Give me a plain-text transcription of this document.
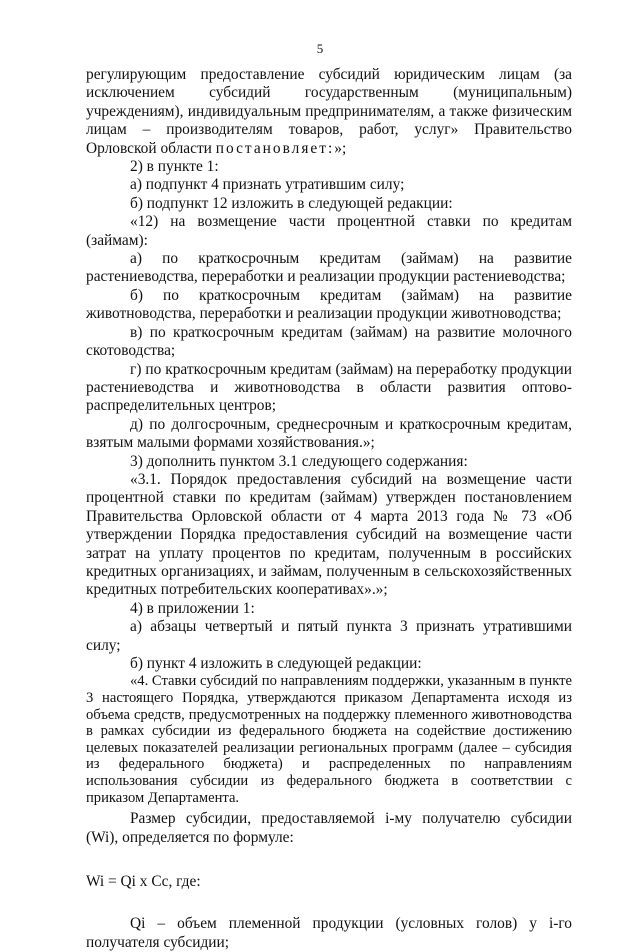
5

регулирующим предоставление субсидий юридическим лицам (за исключением субсидий государственным (муниципальным) учреждениям), индивидуальным предпринимателям, а также физическим лицам – производителям товаров, работ, услуг» Правительство Орловской области постановляет:»;

2) в пункте 1:

а) подпункт 4 признать утратившим силу;

б) подпункт 12 изложить в следующей редакции:

«12) на возмещение части процентной ставки по кредитам (займам):

а) по краткосрочным кредитам (займам) на развитие растениеводства, переработки и реализации продукции растениеводства;

б) по краткосрочным кредитам (займам) на развитие животноводства, переработки и реализации продукции животноводства;

в) по краткосрочным кредитам (займам) на развитие молочного скотоводства;

г) по краткосрочным кредитам (займам) на переработку продукции растениеводства и животноводства в области развития оптово-распределительных центров;

д) по долгосрочным, среднесрочным и краткосрочным кредитам, взятым малыми формами хозяйствования.»;

3) дополнить пунктом 3.1 следующего содержания:

«3.1. Порядок предоставления субсидий на возмещение части процентной ставки по кредитам (займам) утвержден постановлением Правительства Орловской области от 4 марта 2013 года № 73 «Об утверждении Порядка предоставления субсидий на возмещение части затрат на уплату процентов по кредитам, полученным в российских кредитных организациях, и займам, полученным в сельскохозяйственных кредитных потребительских кооперативах».»;

4) в приложении 1:

а) абзацы четвертый и пятый пункта 3 признать утратившими силу;

б) пункт 4 изложить в следующей редакции:

«4. Ставки субсидий по направлениям поддержки, указанным в пункте 3 настоящего Порядка, утверждаются приказом Департамента исходя из объема средств, предусмотренных на поддержку племенного животноводства в рамках субсидии из федерального бюджета на содействие достижению целевых показателей реализации региональных программ (далее – субсидия из федерального бюджета) и распределенных по направлениям использования субсидии из федерального бюджета в соответствии с приказом Департамента.

Размер субсидии, предоставляемой i-му получателю субсидии (Wi), определяется по формуле:

Wi = Qi x Cc, где:

Qi – объем племенной продукции (условных голов) у i-го получателя субсидии;
